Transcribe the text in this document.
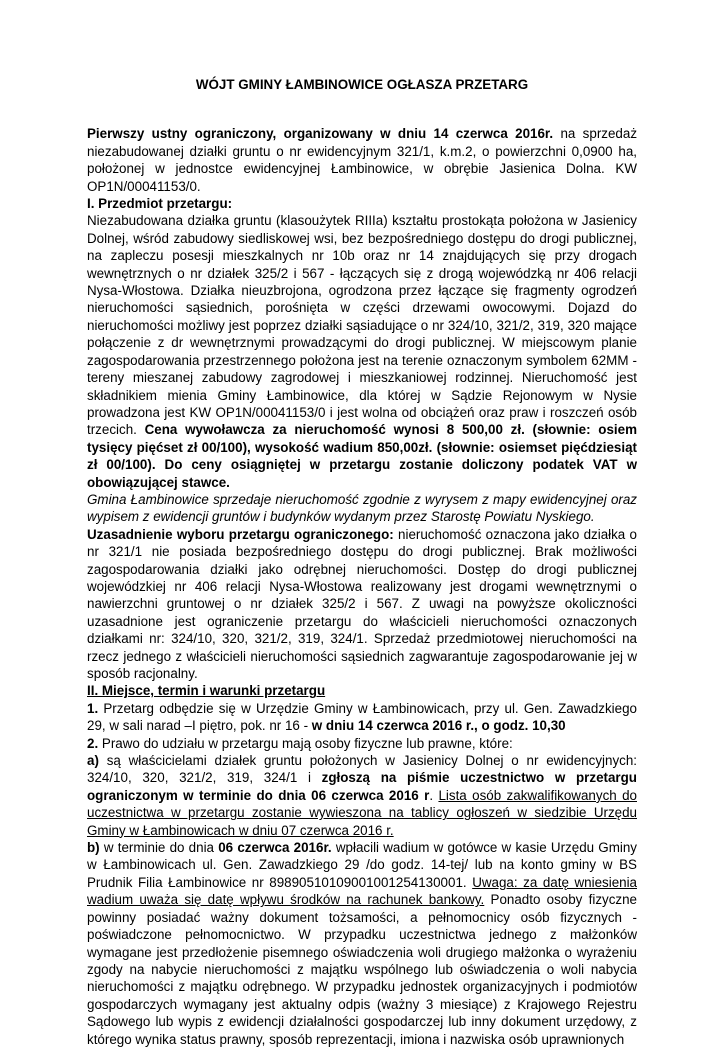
WÓJT GMINY ŁAMBINOWICE OGŁASZA PRZETARG

Pierwszy ustny ograniczony, organizowany w dniu 14 czerwca 2016r. na sprzedaż niezabudowanej działki gruntu o nr ewidencyjnym 321/1, k.m.2, o powierzchni 0,0900 ha, położonej w jednostce ewidencyjnej Łambinowice, w obrębie Jasienica Dolna. KW OP1N/00041153/0.

I. Przedmiot przetargu:

Niezabudowana działka gruntu (klasoużytek RIIIa) kształtu prostokąta położona w Jasienicy Dolnej, wśród zabudowy siedliskowej wsi, bez bezpośredniego dostępu do drogi publicznej, na zapleczu posesji mieszkalnych nr 10b oraz nr 14 znajdujących się przy drogach wewnętrznych o nr działek 325/2 i 567 - łączących się z drogą wojewódzką nr 406 relacji Nysa-Włostowa. Działka nieuzbrojona, ogrodzona przez łączące się fragmenty ogrodzeń nieruchomości sąsiednich, porośnięta w części drzewami owocowymi. Dojazd do nieruchomości możliwy jest poprzez działki sąsiadujące o nr 324/10, 321/2, 319, 320 mające połączenie z dr wewnętrznymi prowadzącymi do drogi publicznej. W miejscowym planie zagospodarowania przestrzennego położona jest na terenie oznaczonym symbolem 62MM - tereny mieszanej zabudowy zagrodowej i mieszkaniowej rodzinnej. Nieruchomość jest składnikiem mienia Gminy Łambinowice, dla której w Sądzie Rejonowym w Nysie prowadzona jest KW OP1N/00041153/0 i jest wolna od obciążeń oraz praw i roszczeń osób trzecich. Cena wywoławcza za nieruchomość wynosi 8 500,00 zł. (słownie: osiem tysięcy pięćset zł 00/100), wysokość wadium 850,00zł. (słownie: osiemset pięćdziesiąt zł 00/100). Do ceny osiągniętej w przetargu zostanie doliczony podatek VAT w obowiązującej stawce.

Gmina Łambinowice sprzedaje nieruchomość zgodnie z wyrysem z mapy ewidencyjnej oraz wypisem z ewidencji gruntów i budynków wydanym przez Starostę Powiatu Nyskiego.

Uzasadnienie wyboru przetargu ograniczonego: nieruchomość oznaczona jako działka o nr 321/1 nie posiada bezpośredniego dostępu do drogi publicznej. Brak możliwości zagospodarowania działki jako odrębnej nieruchomości. Dostęp do drogi publicznej wojewódzkiej nr 406 relacji Nysa-Włostowa realizowany jest drogami wewnętrznymi o nawierzchni gruntowej o nr działek 325/2 i 567. Z uwagi na powyższe okoliczności uzasadnione jest ograniczenie przetargu do właścicieli nieruchomości oznaczonych działkami nr: 324/10, 320, 321/2, 319, 324/1. Sprzedaż przedmiotowej nieruchomości na rzecz jednego z właścicieli nieruchomości sąsiednich zagwarantuje zagospodarowanie jej w sposób racjonalny.

II. Miejsce, termin i warunki przetargu

1. Przetarg odbędzie się w Urzędzie Gminy w Łambinowicach, przy ul. Gen. Zawadzkiego 29, w sali narad –I piętro, pok. nr 16 - w dniu 14 czerwca 2016 r., o godz. 10,30

2. Prawo do udziału w przetargu mają osoby fizyczne lub prawne, które:

a) są właścicielami działek gruntu położonych w Jasienicy Dolnej o nr ewidencyjnych: 324/10, 320, 321/2, 319, 324/1 i zgłoszą na piśmie uczestnictwo w przetargu ograniczonym w terminie do dnia 06 czerwca 2016 r. Lista osób zakwalifikowanych do uczestnictwa w przetargu zostanie wywieszona na tablicy ogłoszeń w siedzibie Urzędu Gminy w Łambinowicach w dniu 07 czerwca 2016 r.

b) w terminie do dnia 06 czerwca 2016r. wpłacili wadium w gotówce w kasie Urzędu Gminy w Łambinowicach ul. Gen. Zawadzkiego 29 /do godz. 14-tej/ lub na konto gminy w BS Prudnik Filia Łambinowice nr 89890510109001001254130001. Uwaga: za datę wniesienia wadium uważa się datę wpływu środków na rachunek bankowy. Ponadto osoby fizyczne powinny posiadać ważny dokument tożsamości, a pełnomocnicy osób fizycznych - poświadczone pełnomocnictwo. W przypadku uczestnictwa jednego z małżonków wymagane jest przedłożenie pisemnego oświadczenia woli drugiego małżonka o wyrażeniu zgody na nabycie nieruchomości z majątku wspólnego lub oświadczenia o woli nabycia nieruchomości z majątku odrębnego. W przypadku jednostek organizacyjnych i podmiotów gospodarczych wymagany jest aktualny odpis (ważny 3 miesiące) z Krajowego Rejestru Sądowego lub wypis z ewidencji działalności gospodarczej lub inny dokument urzędowy, z którego wynika status prawny, sposób reprezentacji, imiona i nazwiska osób uprawnionych
